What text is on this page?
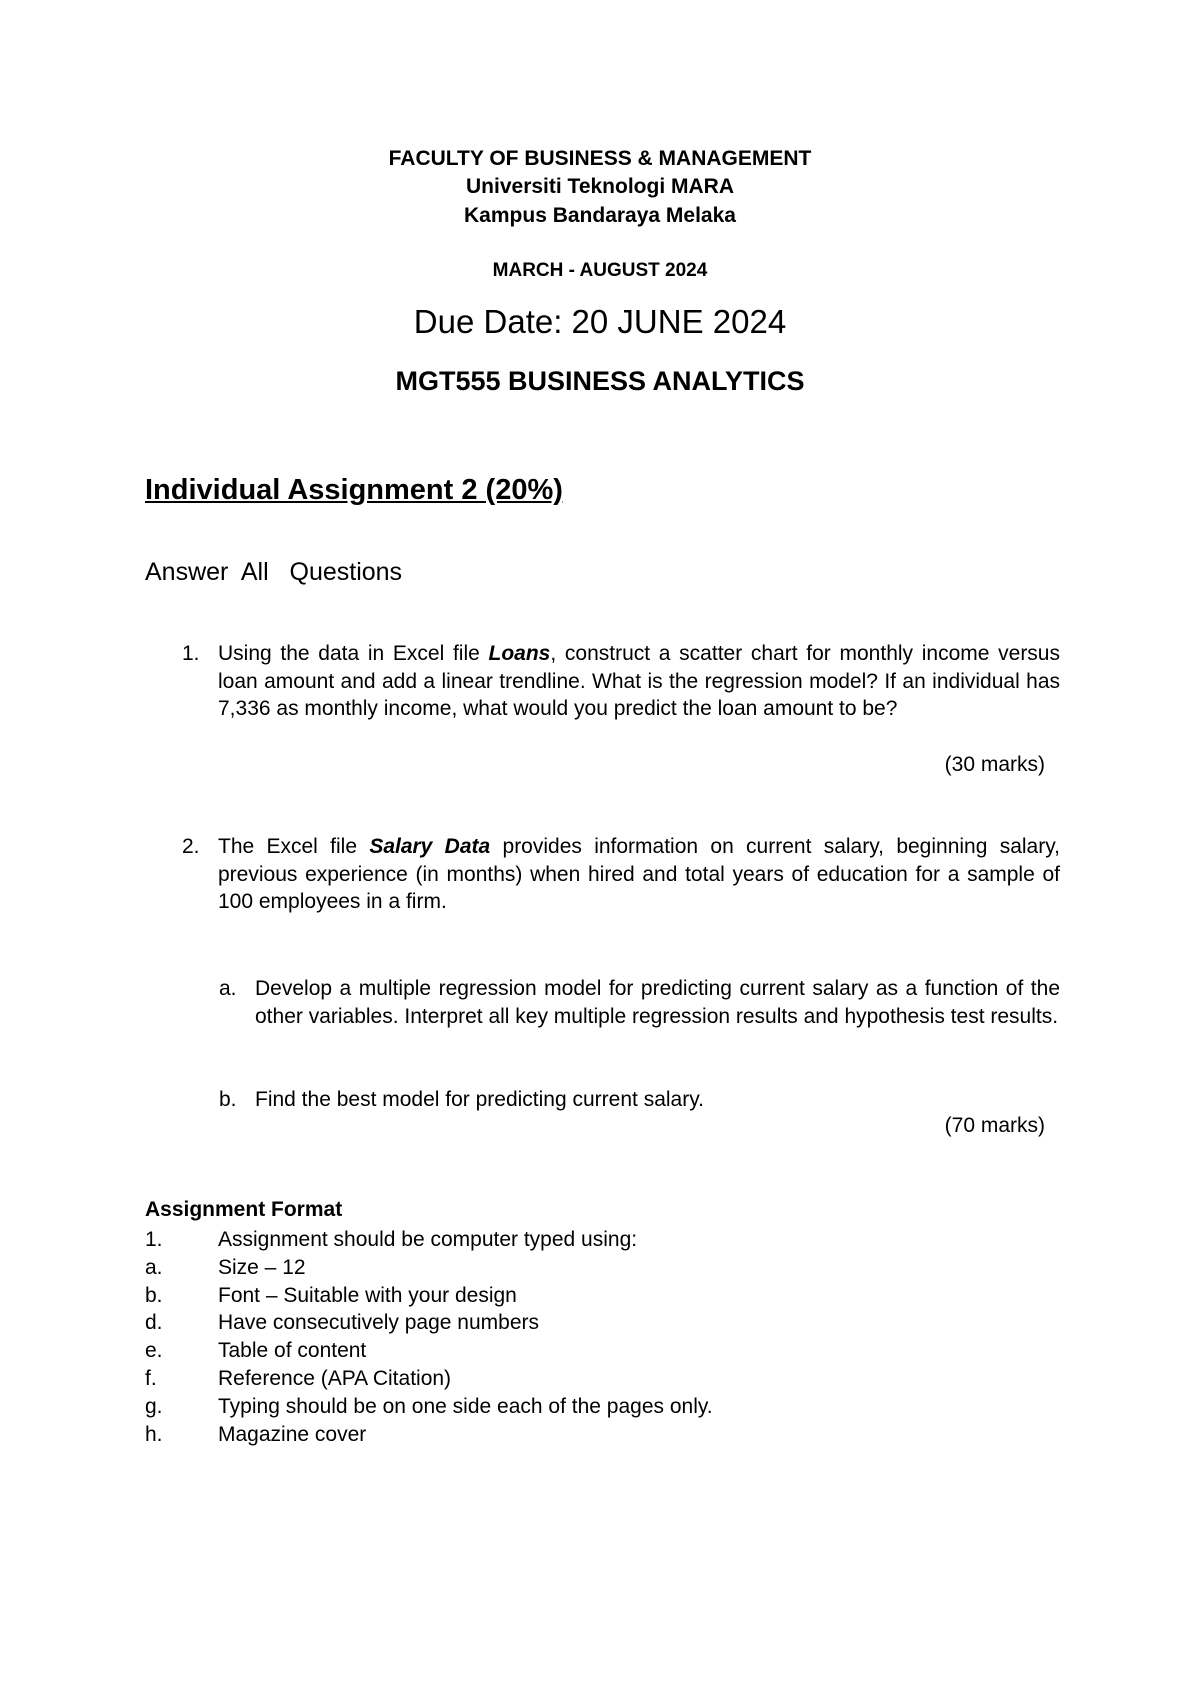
FACULTY OF BUSINESS & MANAGEMENT
Universiti Teknologi MARA
Kampus Bandaraya Melaka
MARCH - AUGUST 2024
Due Date: 20 JUNE 2024
MGT555 BUSINESS ANALYTICS
Individual Assignment 2 (20%)
Answer  All   Questions
1. Using the data in Excel file Loans, construct a scatter chart for monthly income versus loan amount and add a linear trendline. What is the regression model? If an individual has 7,336 as monthly income, what would you predict the loan amount to be?

(30 marks)
2. The Excel file Salary Data provides information on current salary, beginning salary, previous experience (in months) when hired and total years of education for a sample of 100 employees in a firm.

a. Develop a multiple regression model for predicting current salary as a function of the other variables. Interpret all key multiple regression results and hypothesis test results.

b. Find the best model for predicting current salary.

(70 marks)
Assignment Format
1.	Assignment should be computer typed using:
a.	Size – 12
b.	Font – Suitable with your design
d.	Have consecutively page numbers
e.	Table of content
f.	Reference (APA Citation)
g.	Typing should be on one side each of the pages only.
h.	Magazine cover
